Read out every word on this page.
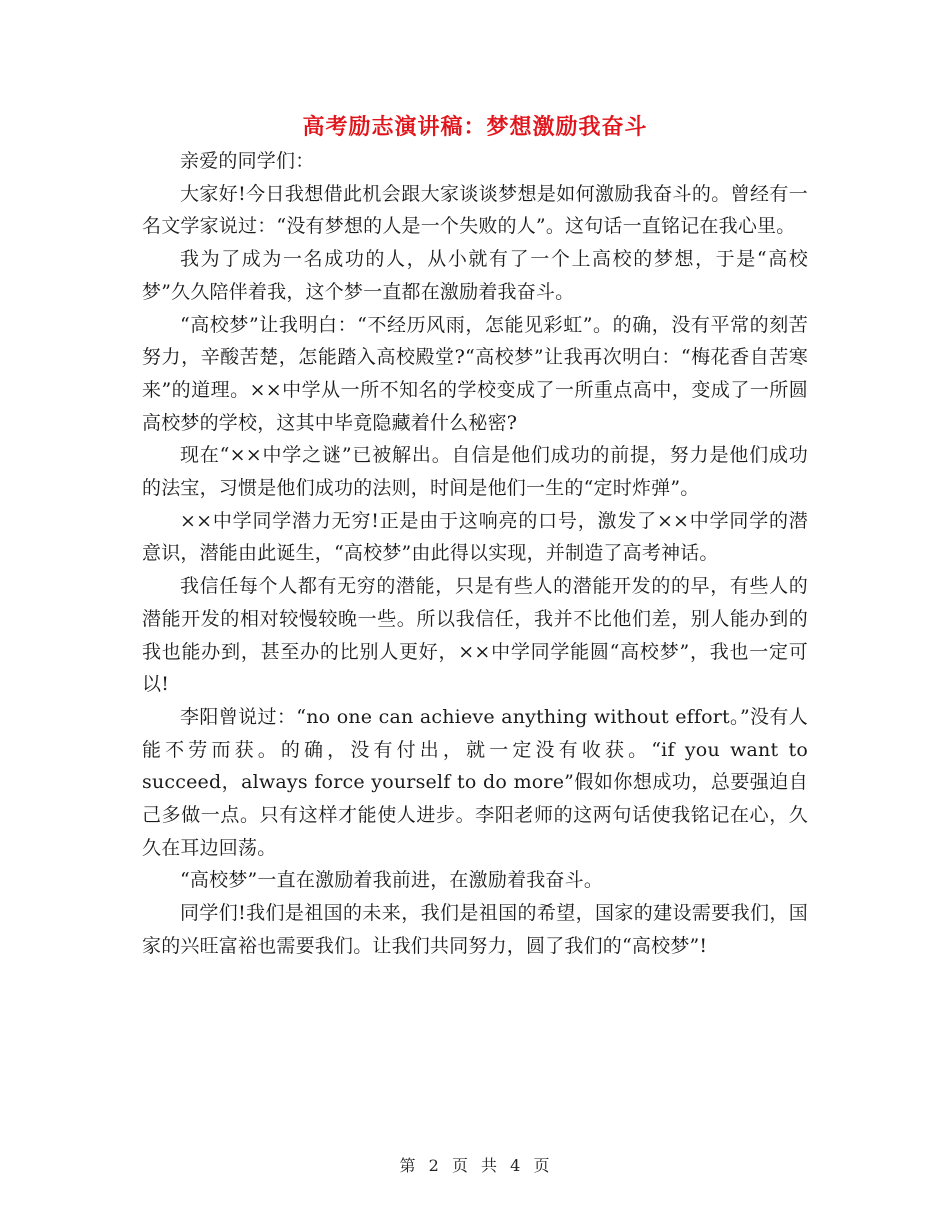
高考励志演讲稿：梦想激励我奋斗

亲爱的同学们：

大家好!今日我想借此机会跟大家谈谈梦想是如何激励我奋斗的。曾经有一名文学家说过：“没有梦想的人是一个失败的人”。这句话一直铭记在我心里。

我为了成为一名成功的人，从小就有了一个上高校的梦想，于是“高校梦”久久陪伴着我，这个梦一直都在激励着我奋斗。

“高校梦”让我明白：“不经历风雨，怎能见彩虹”。的确，没有平常的刻苦努力，辛酸苦楚，怎能踏入高校殿堂?“高校梦”让我再次明白：“梅花香自苦寒来”的道理。××中学从一所不知名的学校变成了一所重点高中，变成了一所圆高校梦的学校，这其中毕竟隐藏着什么秘密?

现在“××中学之谜”已被解出。自信是他们成功的前提，努力是他们成功的法宝，习惯是他们成功的法则，时间是他们一生的“定时炸弹”。

××中学同学潜力无穷!正是由于这响亮的口号，激发了××中学同学的潜意识，潜能由此诞生，“高校梦”由此得以实现，并制造了高考神话。

我信任每个人都有无穷的潜能，只是有些人的潜能开发的的早，有些人的潜能开发的相对较慢较晚一些。所以我信任，我并不比他们差，别人能办到的我也能办到，甚至办的比别人更好，××中学同学能圆“高校梦”，我也一定可以!

李阳曾说过：“no one can achieve anything without effort。”没有人能不劳而获。的确，没有付出，就一定没有收获。“if you want to succeed，always force yourself to do more”假如你想成功，总要强迫自己多做一点。只有这样才能使人进步。李阳老师的这两句话使我铭记在心，久久在耳边回荡。

“高校梦”一直在激励着我前进，在激励着我奋斗。

同学们!我们是祖国的未来，我们是祖国的希望，国家的建设需要我们，国家的兴旺富裕也需要我们。让我们共同努力，圆了我们的“高校梦”!

第 2 页 共 4 页
